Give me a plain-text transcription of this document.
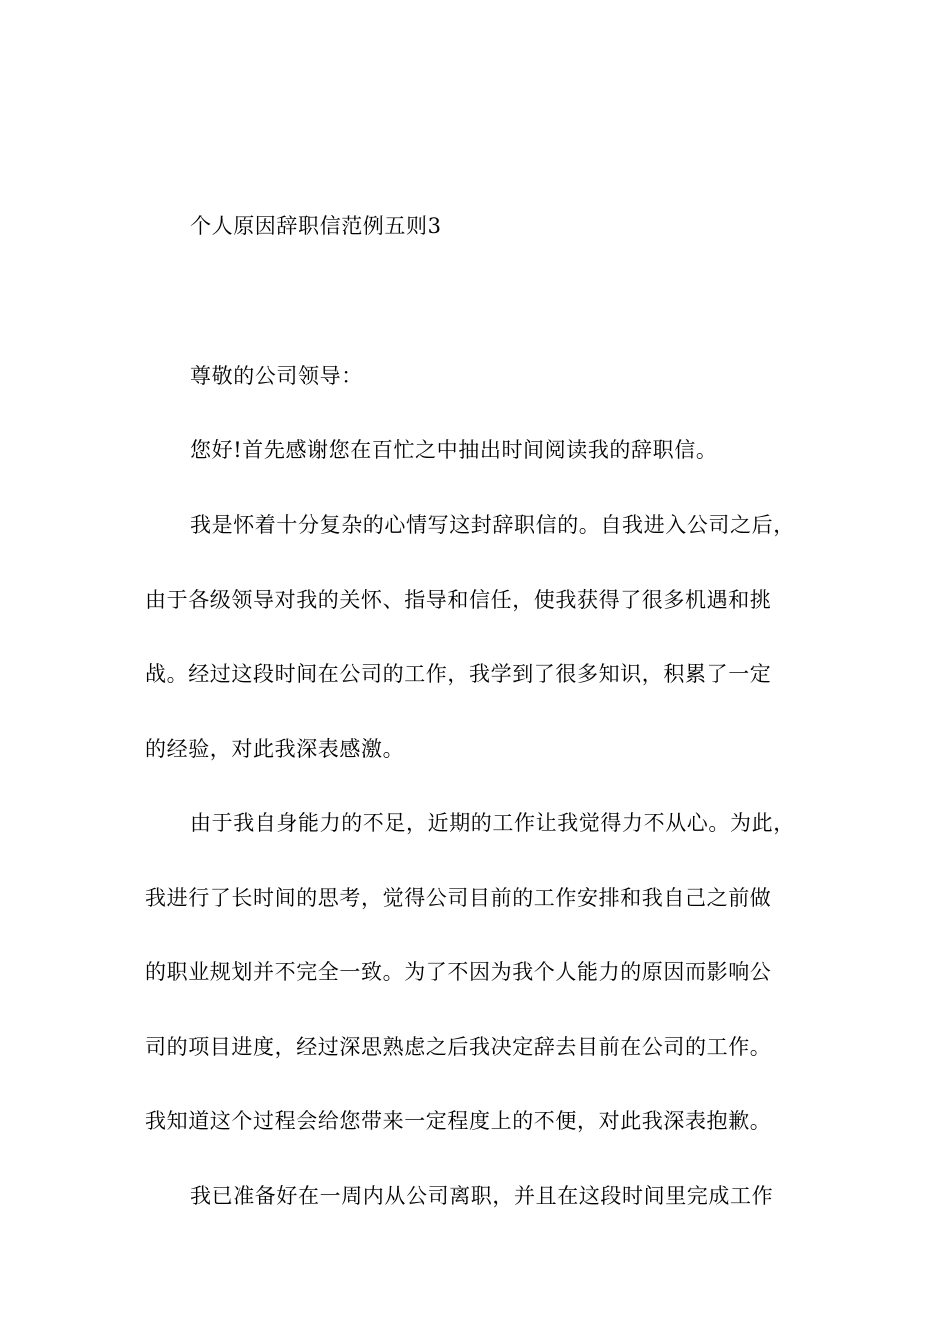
个人原因辞职信范例五则3
尊敬的公司领导：
您好!首先感谢您在百忙之中抽出时间阅读我的辞职信。
我是怀着十分复杂的心情写这封辞职信的。自我进入公司之后，
由于各级领导对我的关怀、指导和信任，使我获得了很多机遇和挑
战。经过这段时间在公司的工作，我学到了很多知识，积累了一定
的经验，对此我深表感激。
由于我自身能力的不足，近期的工作让我觉得力不从心。为此，
我进行了长时间的思考，觉得公司目前的工作安排和我自己之前做
的职业规划并不完全一致。为了不因为我个人能力的原因而影响公
司的项目进度，经过深思熟虑之后我决定辞去目前在公司的工作。
我知道这个过程会给您带来一定程度上的不便，对此我深表抱歉。
我已准备好在一周内从公司离职，并且在这段时间里完成工作
